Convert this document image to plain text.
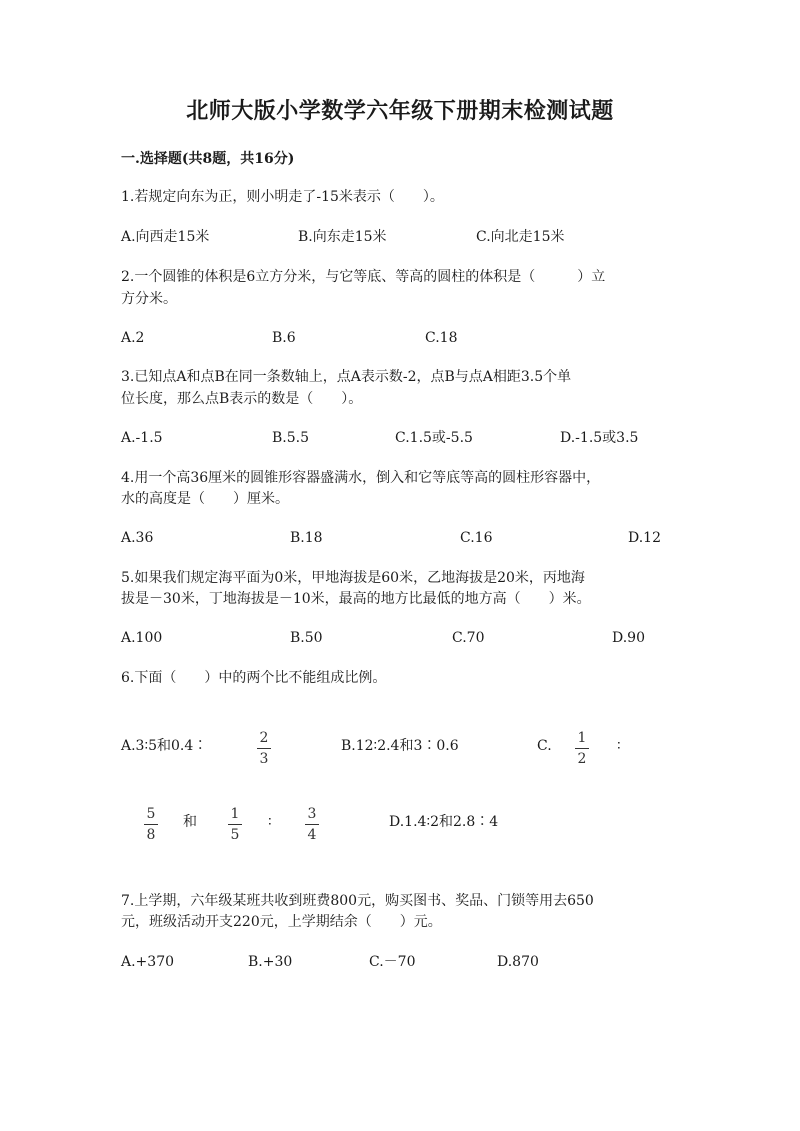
北师大版小学数学六年级下册期末检测试题
一.选择题(共8题，共16分)
1.若规定向东为正，则小明走了-15米表示（　　）。
A.向西走15米	B.向东走15米	C.向北走15米
2.一个圆锥的体积是6立方分米，与它等底、等高的圆柱的体积是（　　　）立
方分米。
A.2	B.6	C.18
3.已知点A和点B在同一条数轴上，点A表示数-2，点B与点A相距3.5个单
位长度，那么点B表示的数是（　　）。
A.-1.5	B.5.5	C.1.5或-5.5	D.-1.5或3.5
4.用一个高36厘米的圆锥形容器盛满水，倒入和它等底等高的圆柱形容器中，
水的高度是（　　）厘米。
A.36	B.18	C.16	D.12
5.如果我们规定海平面为0米，甲地海拔是60米，乙地海拔是20米，丙地海
拔是－30米，丁地海拔是－10米，最高的地方比最低的地方高（　　）米。
A.100	B.50	C.70	D.90
6.下面（　　）中的两个比不能组成比例。
A.3∶5和0.4∶	2
3
B.12∶2.4和3∶0.6	C. 1
2
∶
5
8
和 1
5
∶	3
4
D.1.4∶2和2.8∶4
7.上学期，六年级某班共收到班费800元，购买图书、奖品、门锁等用去650
元，班级活动开支220元，上学期结余（　　）元。
A.+370	B.+30	C.－70	D.870
